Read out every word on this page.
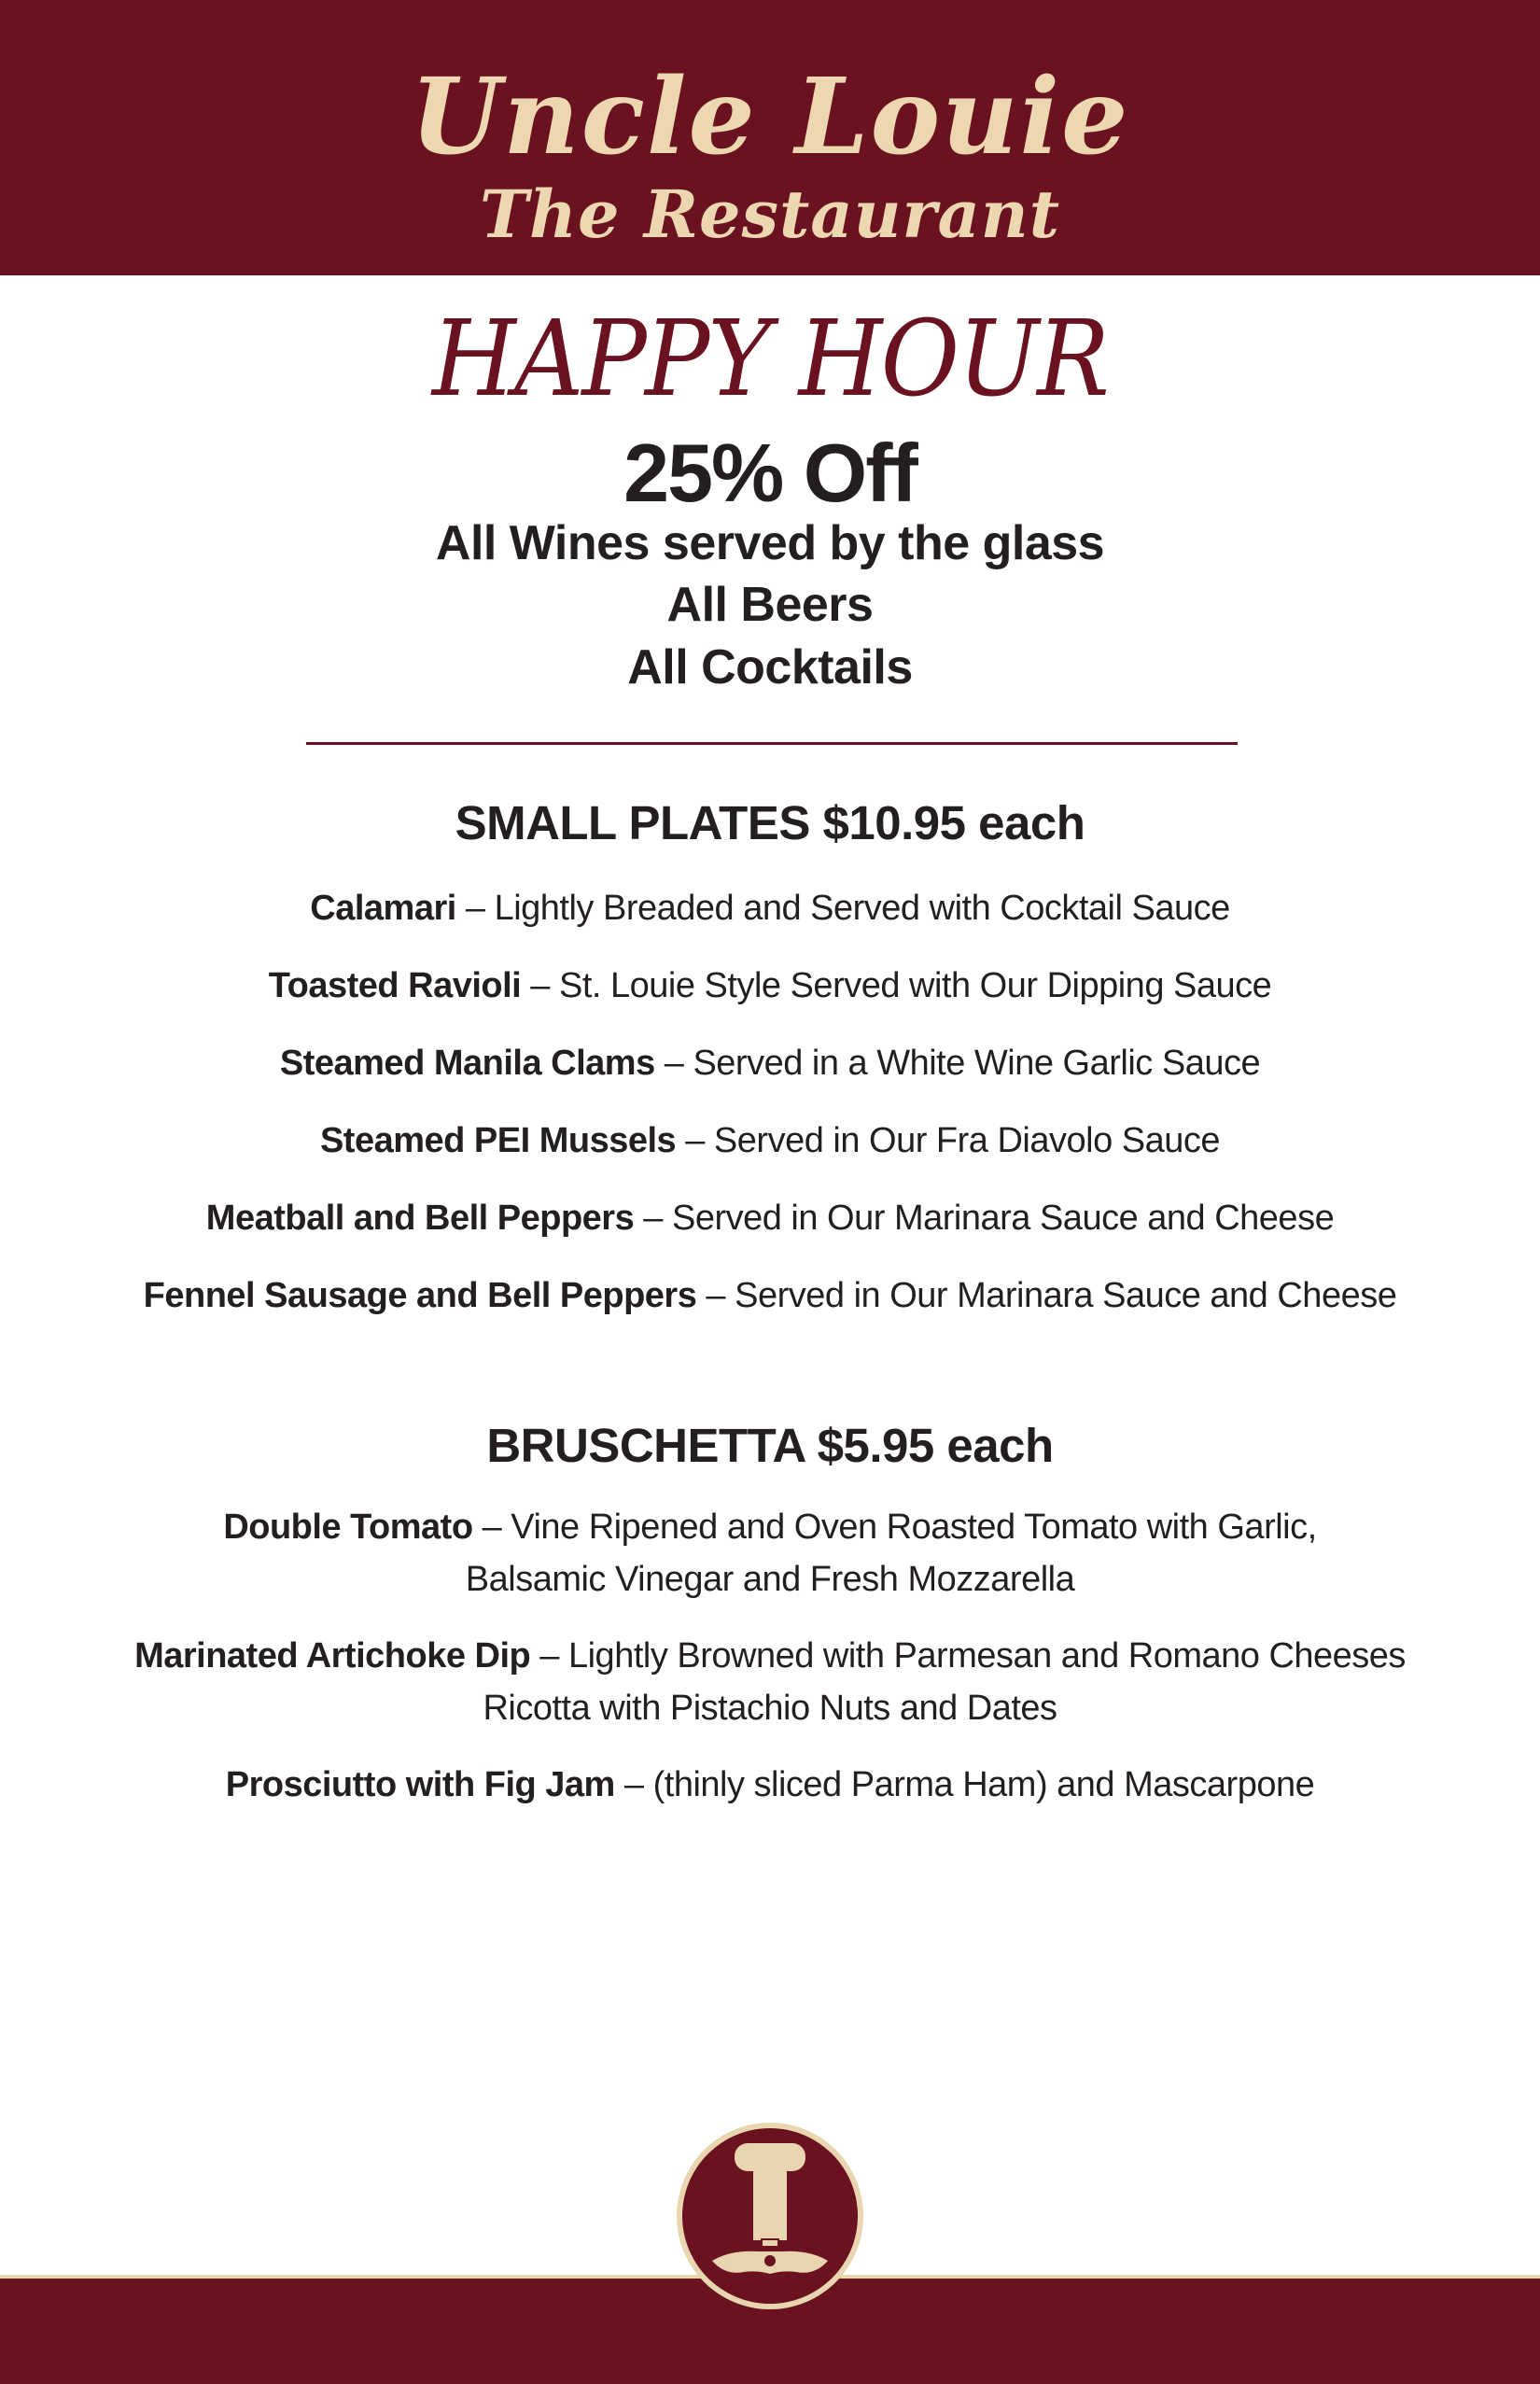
Uncle Louie
The Restaurant
HAPPY HOUR
25% Off
All Wines served by the glass
All Beers
All Cocktails
SMALL PLATES $10.95 each
Calamari – Lightly Breaded and Served with Cocktail Sauce
Toasted Ravioli – St. Louie Style Served with Our Dipping Sauce
Steamed Manila Clams – Served in a White Wine Garlic Sauce
Steamed PEI Mussels – Served in Our Fra Diavolo Sauce
Meatball and Bell Peppers – Served in Our Marinara Sauce and Cheese
Fennel Sausage and Bell Peppers – Served in Our Marinara Sauce and Cheese
BRUSCHETTA $5.95 each
Double Tomato – Vine Ripened and Oven Roasted Tomato with Garlic,
Balsamic Vinegar and Fresh Mozzarella
Marinated Artichoke Dip – Lightly Browned with Parmesan and Romano Cheeses
Ricotta with Pistachio Nuts and Dates
Prosciutto with Fig Jam – (thinly sliced Parma Ham) and Mascarpone
